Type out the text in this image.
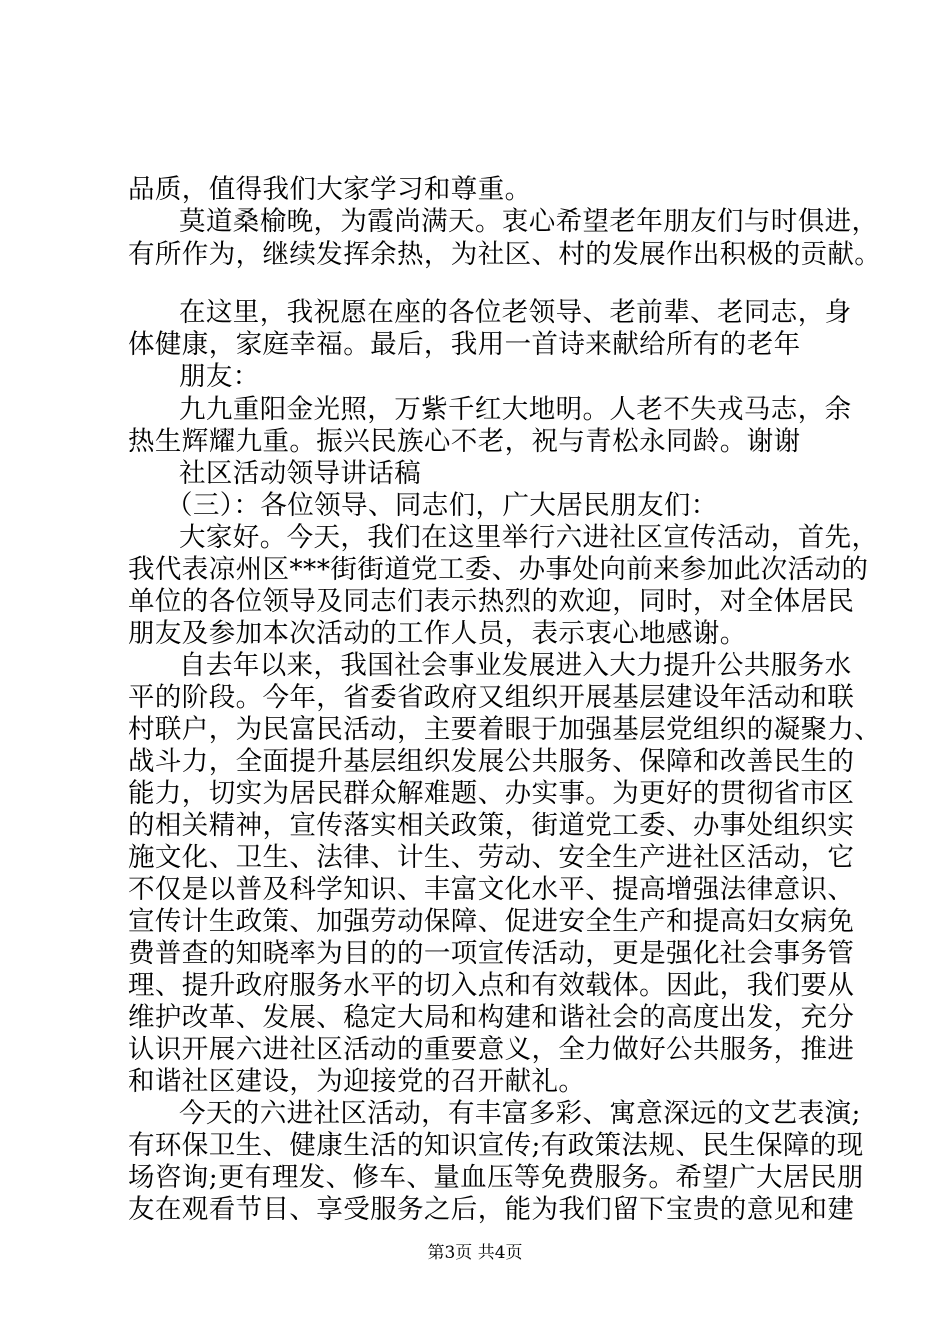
品质，值得我们大家学习和尊重。
莫道桑榆晚，为霞尚满天。衷心希望老年朋友们与时俱进，
有所作为，继续发挥余热，为社区、村的发展作出积极的贡献。
在这里，我祝愿在座的各位老领导、老前辈、老同志，身
体健康，家庭幸福。最后，我用一首诗来献给所有的老年
朋友：
九九重阳金光照，万紫千红大地明。人老不失戎马志，余
热生辉耀九重。振兴民族心不老，祝与青松永同龄。谢谢
社区活动领导讲话稿
（三）：各位领导、同志们，广大居民朋友们：
大家好。今天，我们在这里举行六进社区宣传活动，首先，
我代表凉州区***街街道党工委、办事处向前来参加此次活动的
单位的各位领导及同志们表示热烈的欢迎，同时，对全体居民
朋友及参加本次活动的工作人员，表示衷心地感谢。
自去年以来，我国社会事业发展进入大力提升公共服务水
平的阶段。今年，省委省政府又组织开展基层建设年活动和联
村联户，为民富民活动，主要着眼于加强基层党组织的凝聚力、
战斗力，全面提升基层组织发展公共服务、保障和改善民生的
能力，切实为居民群众解难题、办实事。为更好的贯彻省市区
的相关精神，宣传落实相关政策，街道党工委、办事处组织实
施文化、卫生、法律、计生、劳动、安全生产进社区活动，它
不仅是以普及科学知识、丰富文化水平、提高增强法律意识、
宣传计生政策、加强劳动保障、促进安全生产和提高妇女病免
费普查的知晓率为目的的一项宣传活动，更是强化社会事务管
理、提升政府服务水平的切入点和有效载体。因此，我们要从
维护改革、发展、稳定大局和构建和谐社会的高度出发，充分
认识开展六进社区活动的重要意义，全力做好公共服务，推进
和谐社区建设，为迎接党的召开献礼。
今天的六进社区活动，有丰富多彩、寓意深远的文艺表演;
有环保卫生、健康生活的知识宣传;有政策法规、民生保障的现
场咨询;更有理发、修车、量血压等免费服务。希望广大居民朋
友在观看节目、享受服务之后，能为我们留下宝贵的意见和建
第3页 共4页
